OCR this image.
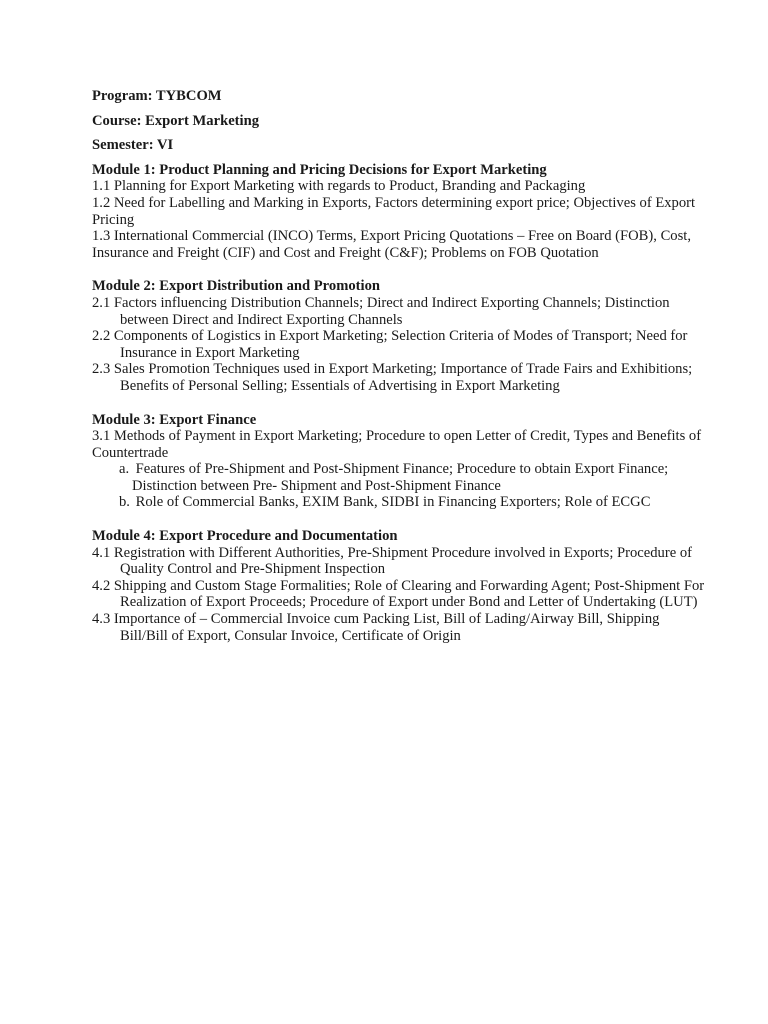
Program: TYBCOM

Course: Export Marketing

Semester: VI

Module 1: Product Planning and Pricing Decisions for Export Marketing

1.1 Planning for Export Marketing with regards to Product, Branding and Packaging

1.2 Need for Labelling and Marking in Exports, Factors determining export price; Objectives of Export Pricing

1.3 International Commercial (INCO) Terms, Export Pricing Quotations – Free on Board (FOB), Cost, Insurance and Freight (CIF) and Cost and Freight (C&F); Problems on FOB Quotation

Module 2: Export Distribution and Promotion

2.1 Factors influencing Distribution Channels; Direct and Indirect Exporting Channels; Distinction between Direct and Indirect Exporting Channels

2.2 Components of Logistics in Export Marketing; Selection Criteria of Modes of Transport; Need for Insurance in Export Marketing

2.3 Sales Promotion Techniques used in Export Marketing; Importance of Trade Fairs and Exhibitions; Benefits of Personal Selling; Essentials of Advertising in Export Marketing

Module 3: Export Finance

3.1 Methods of Payment in Export Marketing; Procedure to open Letter of Credit, Types and Benefits of Countertrade

a. Features of Pre-Shipment and Post-Shipment Finance; Procedure to obtain Export Finance; Distinction between Pre- Shipment and Post-Shipment Finance

b. Role of Commercial Banks, EXIM Bank, SIDBI in Financing Exporters; Role of ECGC

Module 4: Export Procedure and Documentation

4.1 Registration with Different Authorities, Pre-Shipment Procedure involved in Exports; Procedure of Quality Control and Pre-Shipment Inspection

4.2 Shipping and Custom Stage Formalities; Role of Clearing and Forwarding Agent; Post-Shipment For Realization of Export Proceeds; Procedure of Export under Bond and Letter of Undertaking (LUT)

4.3 Importance of – Commercial Invoice cum Packing List, Bill of Lading/Airway Bill, Shipping Bill/Bill of Export, Consular Invoice, Certificate of Origin
